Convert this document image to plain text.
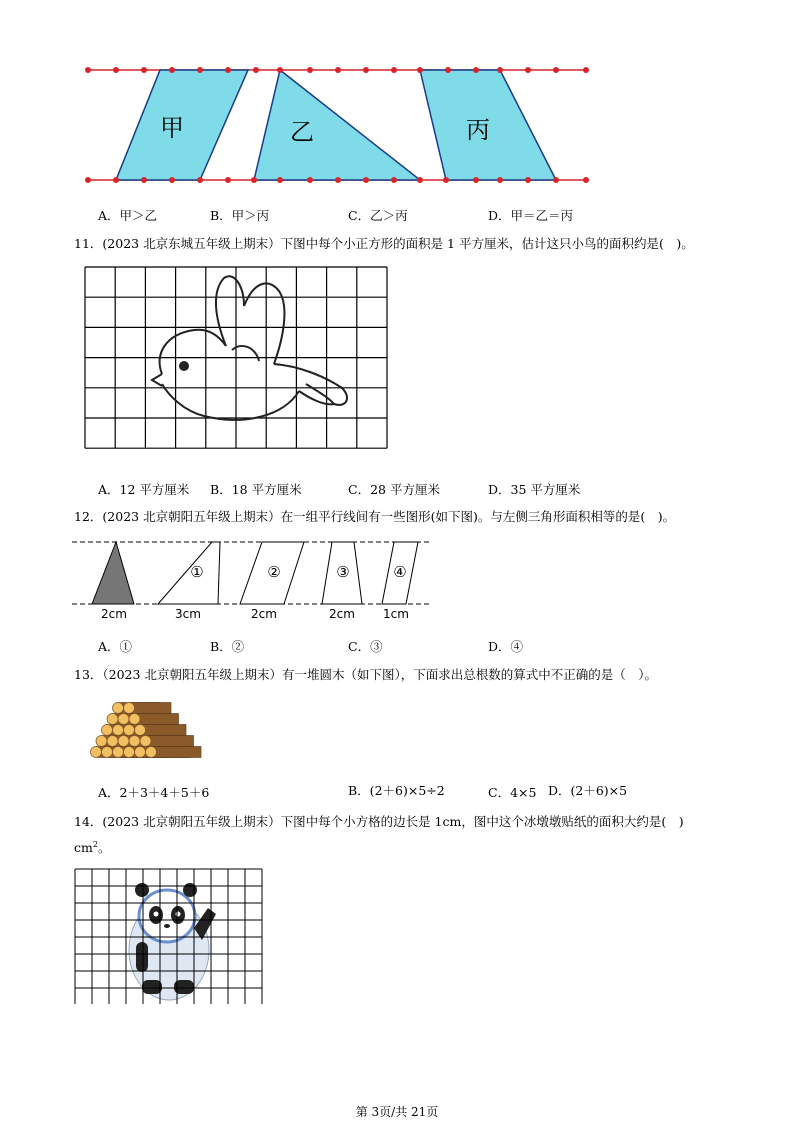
甲	乙	丙
A．甲＞乙	B．甲＞丙	C．乙＞丙	D．甲＝乙＝丙
11．(2023 北京东城五年级上期末）下图中每个小正方形的面积是 1 平方厘米，估计这只小鸟的面积约是(　)。
A．12 平方厘米 B．18 平方厘米	C．28 平方厘米	D．35 平方厘米
12．(2023 北京朝阳五年级上期末）在一组平行线间有一些图形(如下图)。与左侧三角形面积相等的是(　)。
①	②	③	④
2cm	3cm	2cm	2cm 1cm
A．①	B．②	C．③	D．④
13．（2023 北京朝阳五年级上期末）有一堆圆木（如下图），下面求出总根数的算式中不正确的是（　）。
A．2＋3＋4＋5＋6	B．(2＋6)×5÷2	C．4×5 D．(2＋6)×5
14．(2023 北京朝阳五年级上期末）下图中每个小方格的边长是 1cm，图中这个冰墩墩贴纸的面积大约是(　)
$cm^2$。
第 3页/共 21页
